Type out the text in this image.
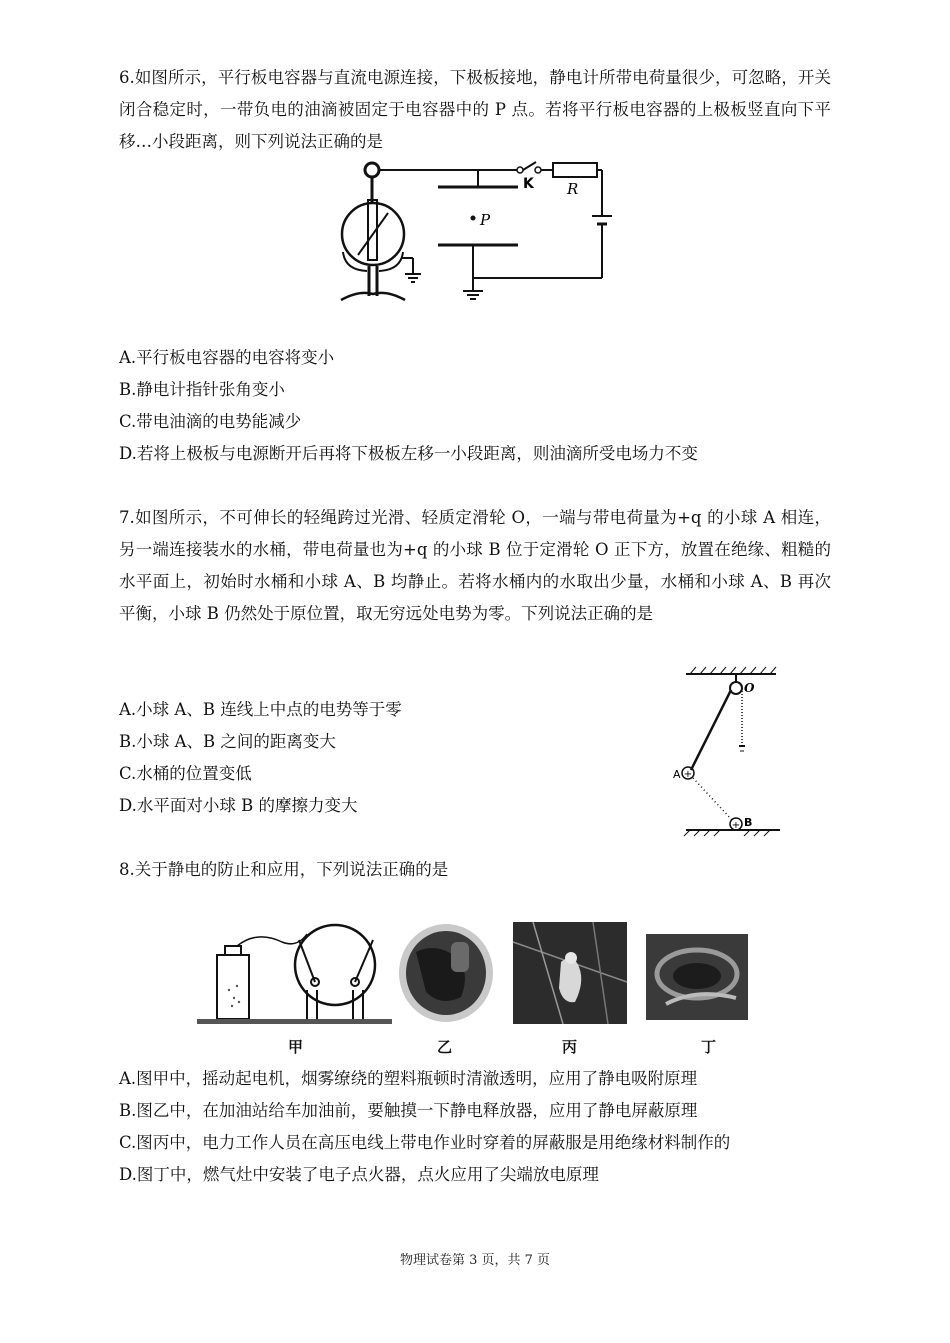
6.如图所示，平行板电容器与直流电源连接，下极板接地，静电计所带电荷量很少，可忽略，开关闭合稳定时，一带负电的油滴被固定于电容器中的 P 点。若将平行板电容器的上极板竖直向下平移…小段距离，则下列说法正确的是

P
K R

A.平行板电容器的电容将变小

B.静电计指针张角变小

C.带电油滴的电势能减少

D.若将上极板与电源断开后再将下极板左移一小段距离，则油滴所受电场力不变

7.如图所示，不可伸长的轻绳跨过光滑、轻质定滑轮 O，一端与带电荷量为+q 的小球 A 相连，另一端连接装水的水桶，带电荷量也为+q 的小球 B 位于定滑轮 O 正下方，放置在绝缘、粗糙的水平面上，初始时水桶和小球 A、B 均静止。若将水桶内的水取出少量，水桶和小球 A、B 再次平衡，小球 B 仍然处于原位置，取无穷远处电势为零。下列说法正确的是

O
+
A
+ B

A.小球 A、B 连线上中点的电势等于零

B.小球 A、B 之间的距离变大

C.水桶的位置变低

D.水平面对小球 B 的摩擦力变大

8.关于静电的防止和应用，下列说法正确的是

甲	乙	丙	丁

A.图甲中，摇动起电机，烟雾缭绕的塑料瓶顿时清澈透明，应用了静电吸附原理

B.图乙中，在加油站给车加油前，要触摸一下静电释放器，应用了静电屏蔽原理

C.图丙中，电力工作人员在高压电线上带电作业时穿着的屏蔽服是用绝缘材料制作的

D.图丁中，燃气灶中安装了电子点火器，点火应用了尖端放电原理

物理试卷第 3 页，共 7 页
